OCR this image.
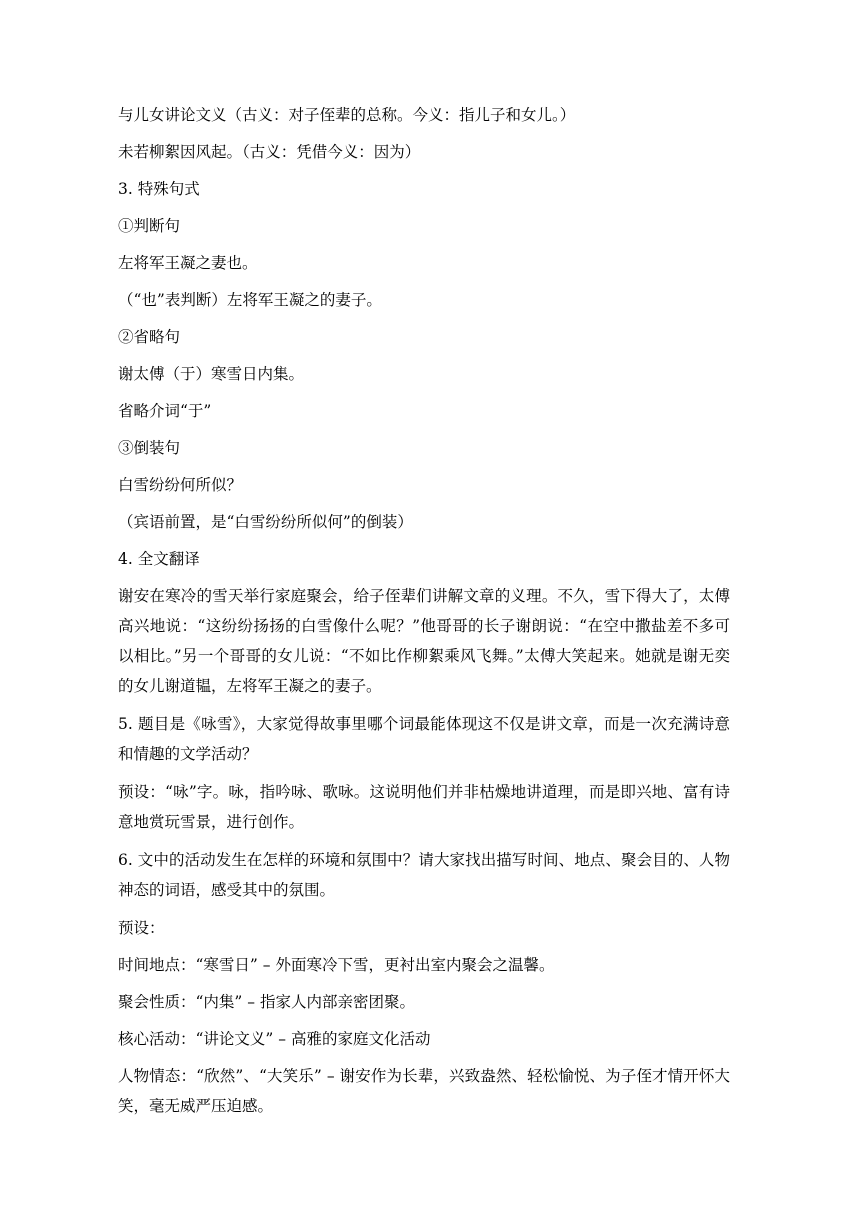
与儿女讲论文义（古义：对子侄辈的总称。今义：指儿子和女儿。）

未若柳絮因风起。（古义：凭借今义：因为）

3. 特殊句式

①判断句

左将军王凝之妻也。

（“也”表判断）左将军王凝之的妻子。

②省略句

谢太傅（于）寒雪日内集。

省略介词“于”

③倒装句

白雪纷纷何所似？

（宾语前置，是“白雪纷纷所似何”的倒装）

4. 全文翻译

谢安在寒冷的雪天举行家庭聚会，给子侄辈们讲解文章的义理。不久，雪下得大了，太傅高兴地说：“这纷纷扬扬的白雪像什么呢？”他哥哥的长子谢朗说：“在空中撒盐差不多可以相比。”另一个哥哥的女儿说：“不如比作柳絮乘风飞舞。”太傅大笑起来。她就是谢无奕的女儿谢道韫，左将军王凝之的妻子。

5. 题目是《咏雪》，大家觉得故事里哪个词最能体现这不仅是讲文章，而是一次充满诗意和情趣的文学活动？

预设：“咏”字。咏，指吟咏、歌咏。这说明他们并非枯燥地讲道理，而是即兴地、富有诗意地赏玩雪景，进行创作。

6. 文中的活动发生在怎样的环境和氛围中？请大家找出描写时间、地点、聚会目的、人物神态的词语，感受其中的氛围。

预设：

时间地点：“寒雪日” – 外面寒冷下雪，更衬出室内聚会之温馨。

聚会性质：“内集” – 指家人内部亲密团聚。

核心活动：“讲论文义” – 高雅的家庭文化活动

人物情态：“欣然”、“大笑乐” – 谢安作为长辈，兴致盎然、轻松愉悦、为子侄才情开怀大笑，毫无威严压迫感。
